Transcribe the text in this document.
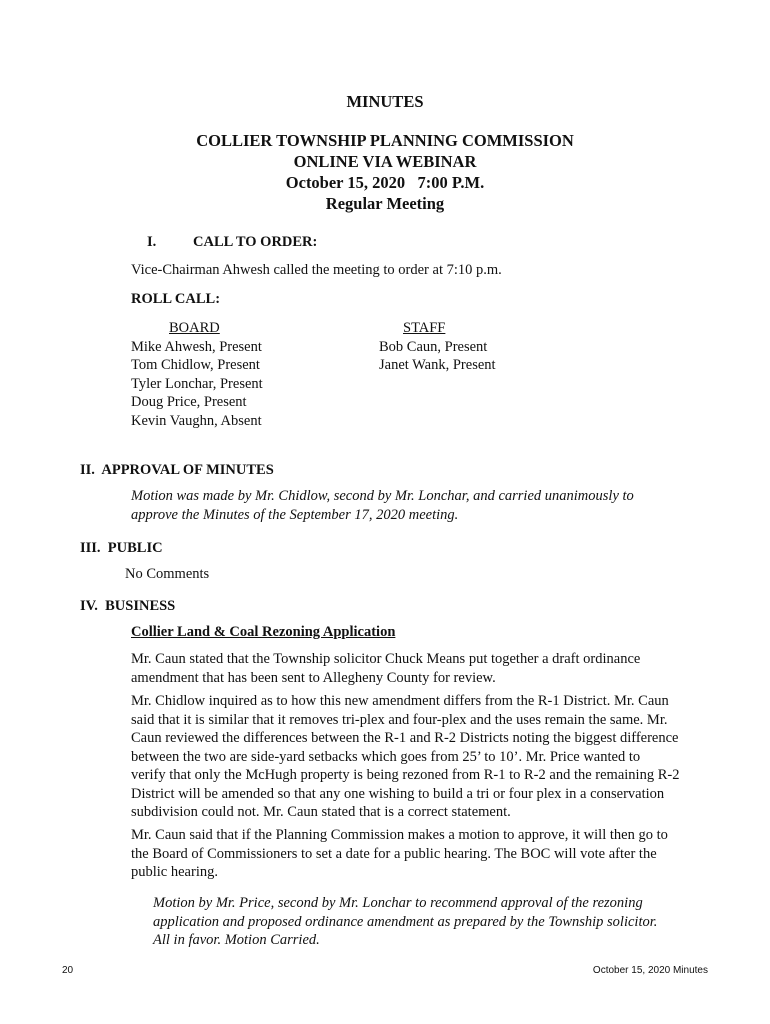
MINUTES
COLLIER TOWNSHIP PLANNING COMMISSION
ONLINE VIA WEBINAR
October 15, 2020   7:00 P.M.
Regular Meeting
I.	CALL TO ORDER:
Vice-Chairman Ahwesh called the meeting to order at 7:10 p.m.
ROLL CALL:
BOARD
Mike Ahwesh, Present
Tom Chidlow, Present
Tyler Lonchar, Present
Doug Price, Present
Kevin Vaughn, Absent
STAFF
Bob Caun, Present
Janet Wank, Present
II.  APPROVAL OF MINUTES
Motion was made by Mr. Chidlow, second by Mr. Lonchar, and carried unanimously to
approve the Minutes of the September 17, 2020 meeting.
III.  PUBLIC
No Comments
IV.  BUSINESS
Collier Land & Coal Rezoning Application
Mr. Caun stated that the Township solicitor Chuck Means put together a draft ordinance
amendment that has been sent to Allegheny County for review.
Mr. Chidlow inquired as to how this new amendment differs from the R-1 District. Mr. Caun
said that it is similar that it removes tri-plex and four-plex and the uses remain the same. Mr.
Caun reviewed the differences between the R-1 and R-2 Districts noting the biggest difference
between the two are side-yard setbacks which goes from 25’ to 10’. Mr. Price wanted to
verify that only the McHugh property is being rezoned from R-1 to R-2 and the remaining R-2
District will be amended so that any one wishing to build a tri or four plex in a conservation
subdivision could not. Mr. Caun stated that is a correct statement.
Mr. Caun said that if the Planning Commission makes a motion to approve, it will then go to
the Board of Commissioners to set a date for a public hearing. The BOC will vote after the
public hearing.
Motion by Mr. Price, second by Mr. Lonchar to recommend approval of the rezoning
application and proposed ordinance amendment as prepared by the Township solicitor.
All in favor. Motion Carried.
20	October 15, 2020 Minutes
